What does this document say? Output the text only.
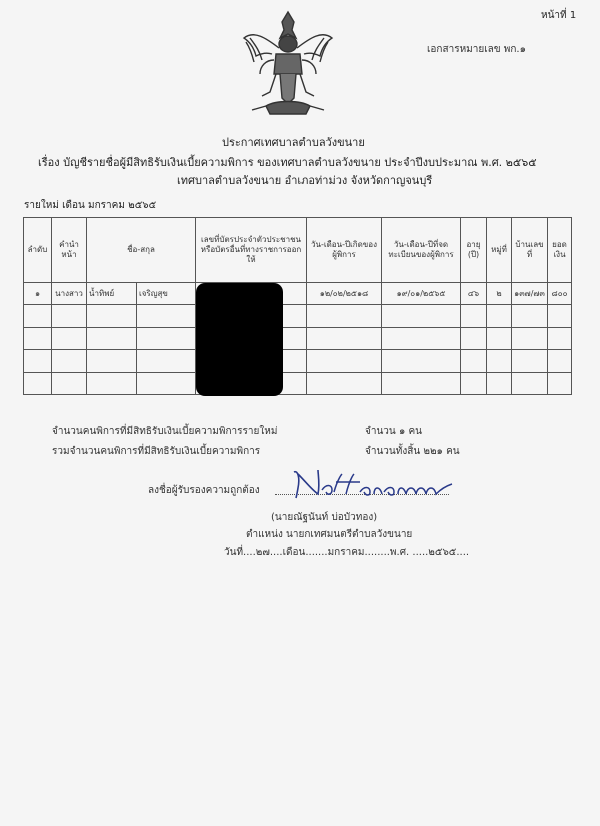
หน้าที่ 1
เอกสารหมายเลข พก.๑
ประกาศเทศบาลตำบลวังขนาย
เรื่อง บัญชีรายชื่อผู้มีสิทธิรับเงินเบี้ยความพิการ ของเทศบาลตำบลวังขนาย ประจำปีงบประมาณ พ.ศ. ๒๕๖๕
เทศบาลตำบลวังขนาย อำเภอท่าม่วง จังหวัดกาญจนบุรี
รายใหม่ เดือน มกราคม ๒๕๖๕
ลำดับ	คำนำหน้า	ชื่อ-สกุล		เลขที่บัตรประจำตัวประชาชนหรือบัตรอื่นที่ทางราชการออกให้	วัน-เดือน-ปีเกิดของผู้พิการ	วัน-เดือน-ปีที่จดทะเบียนของผู้พิการ	อายุ (ปี)	หมู่ที่	บ้านเลขที่	ยอดเงิน
๑	นางสาว	น้ำทิพย์	เจริญสุข		๑๒/๐๒/๒๕๑๘	๑๙/๐๑/๒๕๖๕	๔๖	๒	๑๓๗/๗๓	๘๐๐

จำนวนคนพิการที่มีสิทธิรับเงินเบี้ยความพิการรายใหม่	จำนวน ๑ คน
รวมจำนวนคนพิการที่มีสิทธิรับเงินเบี้ยความพิการ	จำนวนทั้งสิ้น ๒๒๑ คน
ลงชื่อผู้รับรองความถูกต้อง
(นายณัฐนันท์ บ่อบัวทอง)
ตำแหน่ง นายกเทศมนตรีตำบลวังขนาย
วันที่....๒๗....เดือน.......มกราคม........พ.ศ. .....๒๕๖๕....
